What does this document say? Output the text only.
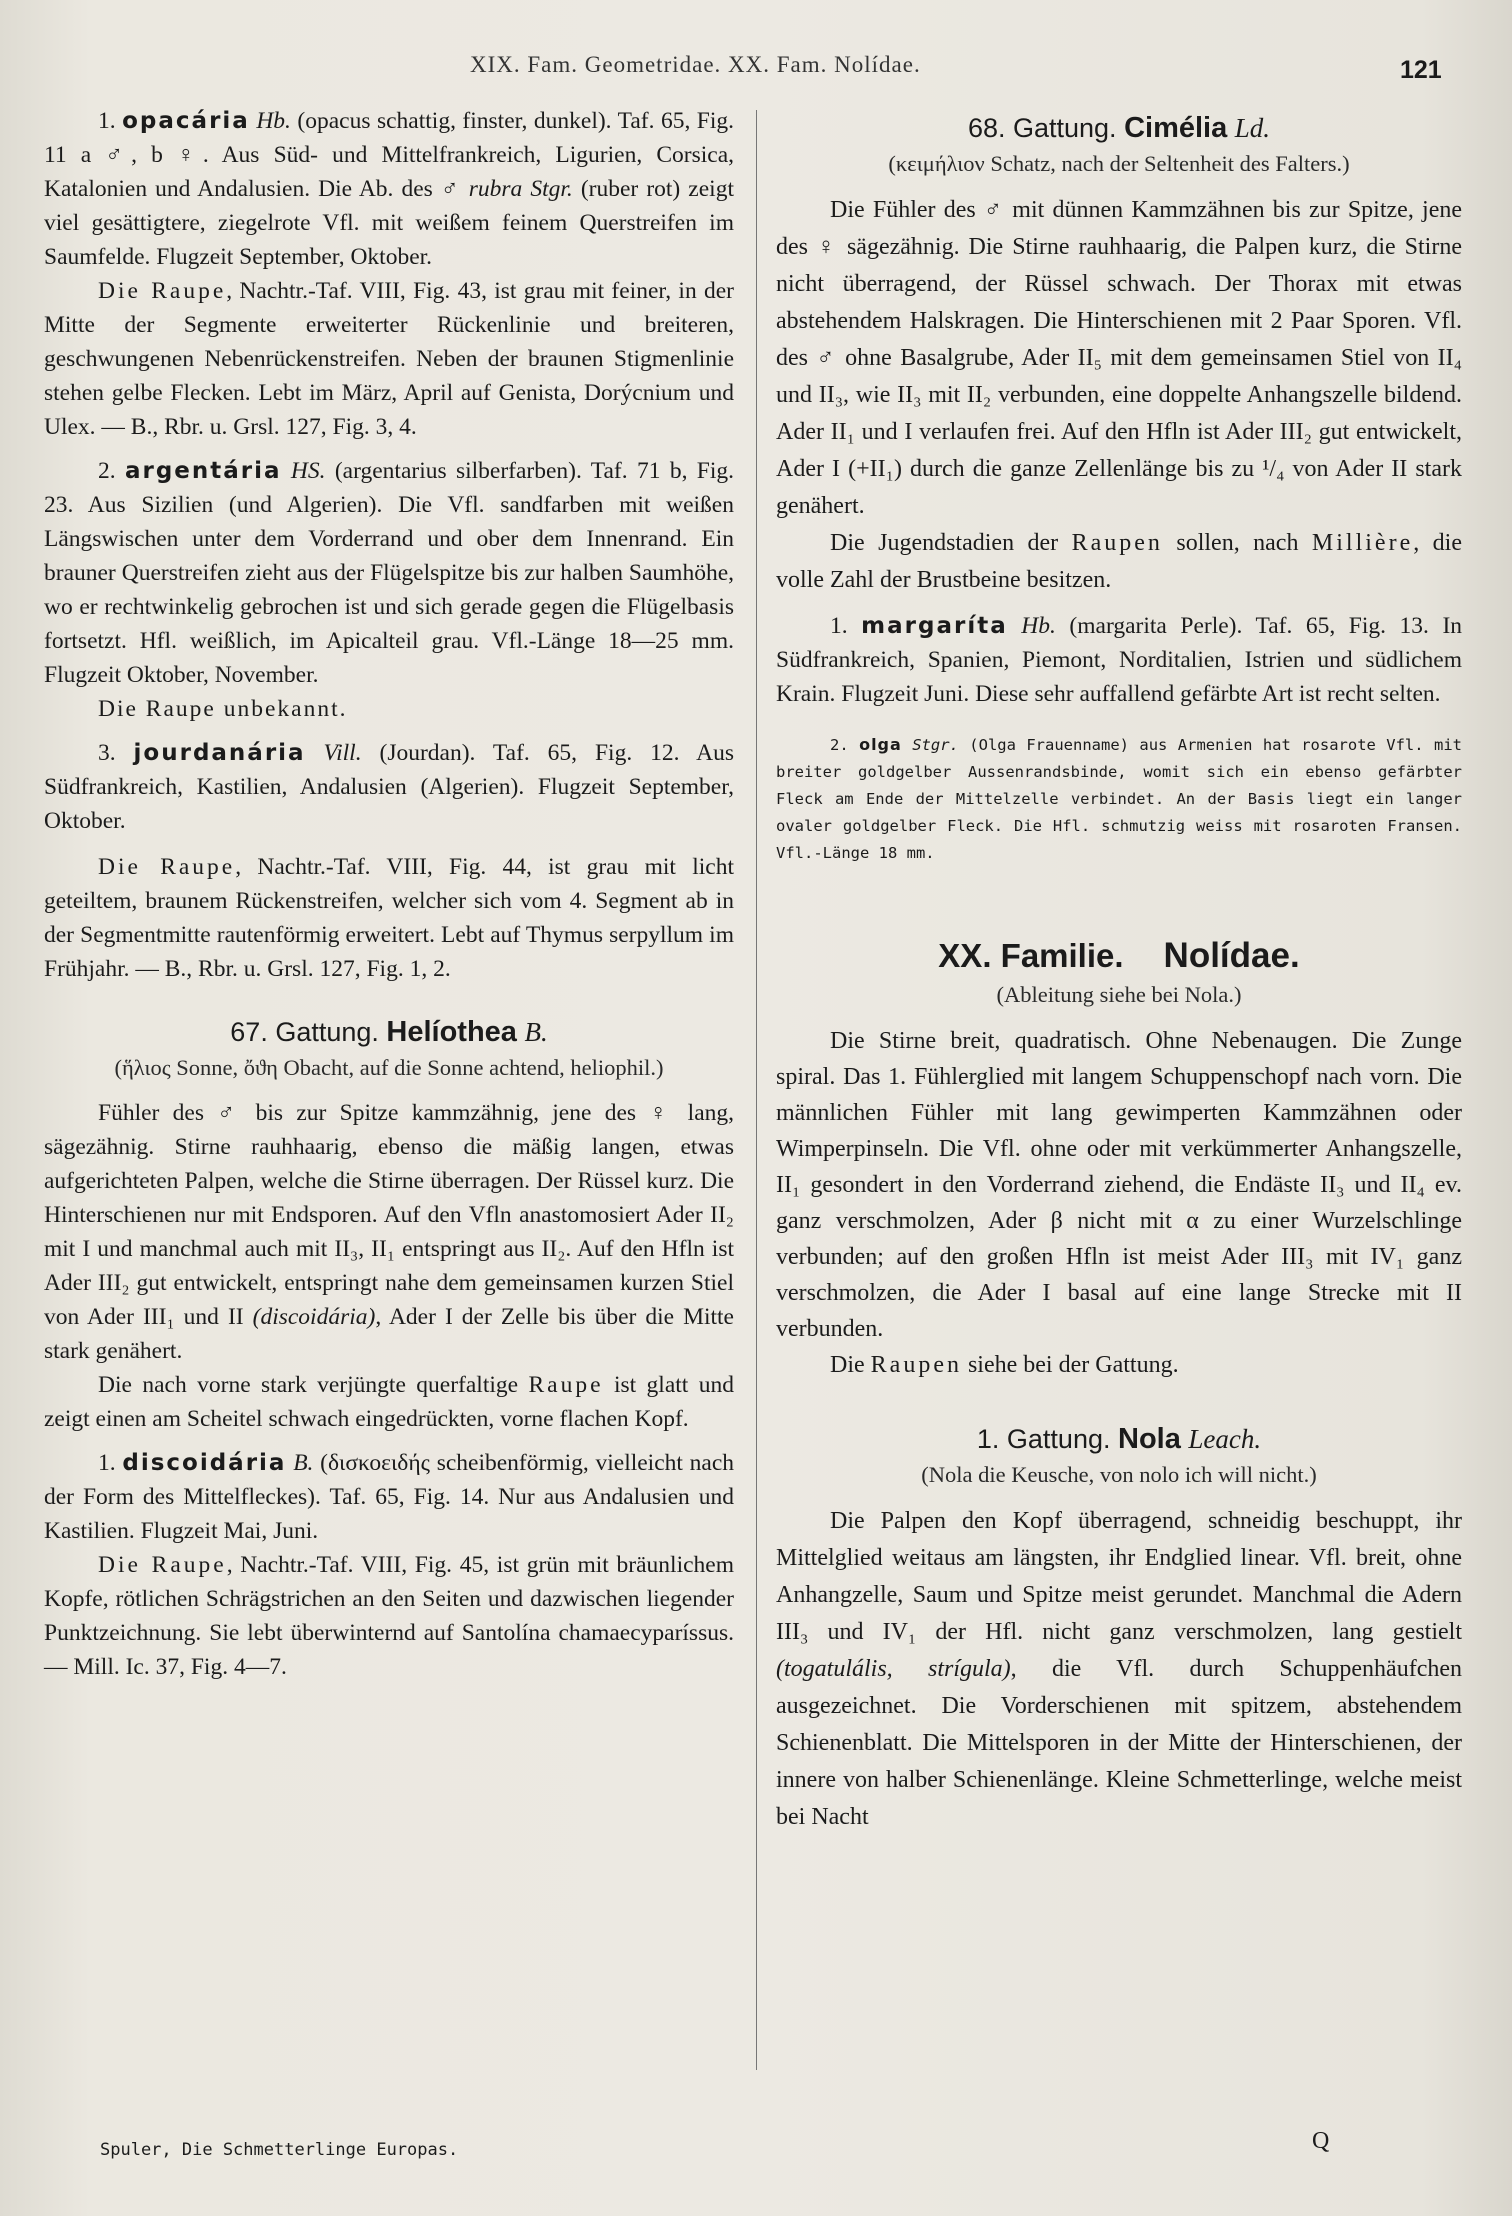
XIX. Fam. Geometridae. XX. Fam. Nolídae.	121

1. opacária Hb. (opacus schattig, finster, dunkel). Taf. 65, Fig. 11 a ♂, b ♀. Aus Süd- und Mittelfrankreich, Ligurien, Corsica, Katalonien und Andalusien. Die Ab. des ♂ rubra Stgr. (ruber rot) zeigt viel gesättigtere, ziegelrote Vfl. mit weißem feinem Querstreifen im Saumfelde. Flugzeit September, Oktober.

Die Raupe, Nachtr.-Taf. VIII, Fig. 43, ist grau mit feiner, in der Mitte der Segmente erweiterter Rückenlinie und breiteren, geschwungenen Nebenrückenstreifen. Neben der braunen Stigmenlinie stehen gelbe Flecken. Lebt im März, April auf Genista, Dorýcnium und Ulex. — B., Rbr. u. Grsl. 127, Fig. 3, 4.

2. argentária HS. (argentarius silberfarben). Taf. 71 b, Fig. 23. Aus Sizilien (und Algerien). Die Vfl. sandfarben mit weißen Längswischen unter dem Vorderrand und ober dem Innenrand. Ein brauner Querstreifen zieht aus der Flügelspitze bis zur halben Saumhöhe, wo er rechtwinkelig gebrochen ist und sich gerade gegen die Flügelbasis fortsetzt. Hfl. weißlich, im Apicalteil grau. Vfl.-Länge 18—25 mm. Flugzeit Oktober, November.

Die Raupe unbekannt.

3. jourdanária Vill. (Jourdan). Taf. 65, Fig. 12. Aus Südfrankreich, Kastilien, Andalusien (Algerien). Flugzeit September, Oktober.

Die Raupe, Nachtr.-Taf. VIII, Fig. 44, ist grau mit licht geteiltem, braunem Rückenstreifen, welcher sich vom 4. Segment ab in der Segmentmitte rautenförmig erweitert. Lebt auf Thymus serpyllum im Frühjahr. — B., Rbr. u. Grsl. 127, Fig. 1, 2.

67. Gattung. Helíothea B.

(ἥλιος Sonne, ὄϑη Obacht, auf die Sonne achtend, heliophil.)

Fühler des ♂ bis zur Spitze kammzähnig, jene des ♀ lang, sägezähnig. Stirne rauhhaarig, ebenso die mäßig langen, etwas aufgerichteten Palpen, welche die Stirne überragen. Der Rüssel kurz. Die Hinterschienen nur mit Endsporen. Auf den Vfln anastomosiert Ader II₂ mit I und manchmal auch mit II₃, II₁ entspringt aus II₂. Auf den Hfln ist Ader III₂ gut entwickelt, entspringt nahe dem gemeinsamen kurzen Stiel von Ader III₁ und II (discoidária), Ader I der Zelle bis über die Mitte stark genähert.

Die nach vorne stark verjüngte querfaltige Raupe ist glatt und zeigt einen am Scheitel schwach eingedrückten, vorne flachen Kopf.

1. discoidária B. (δισκοειδής scheibenförmig, vielleicht nach der Form des Mittelfleckes). Taf. 65, Fig. 14. Nur aus Andalusien und Kastilien. Flugzeit Mai, Juni.

Die Raupe, Nachtr.-Taf. VIII, Fig. 45, ist grün mit bräunlichem Kopfe, rötlichen Schrägstrichen an den Seiten und dazwischen liegender Punktzeichnung. Sie lebt überwinternd auf Santolína chamaecyparíssus. — Mill. Ic. 37, Fig. 4—7.

68. Gattung. Cimélia Ld.

(κειμήλιον Schatz, nach der Seltenheit des Falters.)

Die Fühler des ♂ mit dünnen Kammzähnen bis zur Spitze, jene des ♀ sägezähnig. Die Stirne rauhhaarig, die Palpen kurz, die Stirne nicht überragend, der Rüssel schwach. Der Thorax mit etwas abstehendem Halskragen. Die Hinterschienen mit 2 Paar Sporen. Vfl. des ♂ ohne Basalgrube, Ader II₅ mit dem gemeinsamen Stiel von II₄ und II₃, wie II₃ mit II₂ verbunden, eine doppelte Anhangszelle bildend. Ader II₁ und I verlaufen frei. Auf den Hfln ist Ader III₂ gut entwickelt, Ader I (+II₁) durch die ganze Zellenlänge bis zu ¹/₄ von Ader II stark genähert.

Die Jugendstadien der Raupen sollen, nach Millière, die volle Zahl der Brustbeine besitzen.

1. margaríta Hb. (margarita Perle). Taf. 65, Fig. 13. In Südfrankreich, Spanien, Piemont, Norditalien, Istrien und südlichem Krain. Flugzeit Juni. Diese sehr auffallend gefärbte Art ist recht selten.

2. olga Stgr. (Olga Frauenname) aus Armenien hat rosarote Vfl. mit breiter goldgelber Aussenrandsbinde, womit sich ein ebenso gefärbter Fleck am Ende der Mittelzelle verbindet. An der Basis liegt ein langer ovaler goldgelber Fleck. Die Hfl. schmutzig weiss mit rosaroten Fransen. Vfl.-Länge 18 mm.

XX. Familie. Nolídae.

(Ableitung siehe bei Nola.)

Die Stirne breit, quadratisch. Ohne Nebenaugen. Die Zunge spiral. Das 1. Fühlerglied mit langem Schuppenschopf nach vorn. Die männlichen Fühler mit lang gewimperten Kammzähnen oder Wimperpinseln. Die Vfl. ohne oder mit verkümmerter Anhangszelle, II₁ gesondert in den Vorderrand ziehend, die Endäste II₃ und II₄ ev. ganz verschmolzen, Ader β nicht mit α zu einer Wurzelschlinge verbunden; auf den großen Hfln ist meist Ader III₃ mit IV₁ ganz verschmolzen, die Ader I basal auf eine lange Strecke mit II verbunden.

Die Raupen siehe bei der Gattung.

1. Gattung. Nola Leach.

(Nola die Keusche, von nolo ich will nicht.)

Die Palpen den Kopf überragend, schneidig beschuppt, ihr Mittelglied weitaus am längsten, ihr Endglied linear. Vfl. breit, ohne Anhangzelle, Saum und Spitze meist gerundet. Manchmal die Adern III₃ und IV₁ der Hfl. nicht ganz verschmolzen, lang gestielt (togatulális, strígula), die Vfl. durch Schuppenhäufchen ausgezeichnet. Die Vorderschienen mit spitzem, abstehendem Schienenblatt. Die Mittelsporen in der Mitte der Hinterschienen, der innere von halber Schienenlänge. Kleine Schmetterlinge, welche meist bei Nacht

Spuler, Die Schmetterlinge Europas.	Q
